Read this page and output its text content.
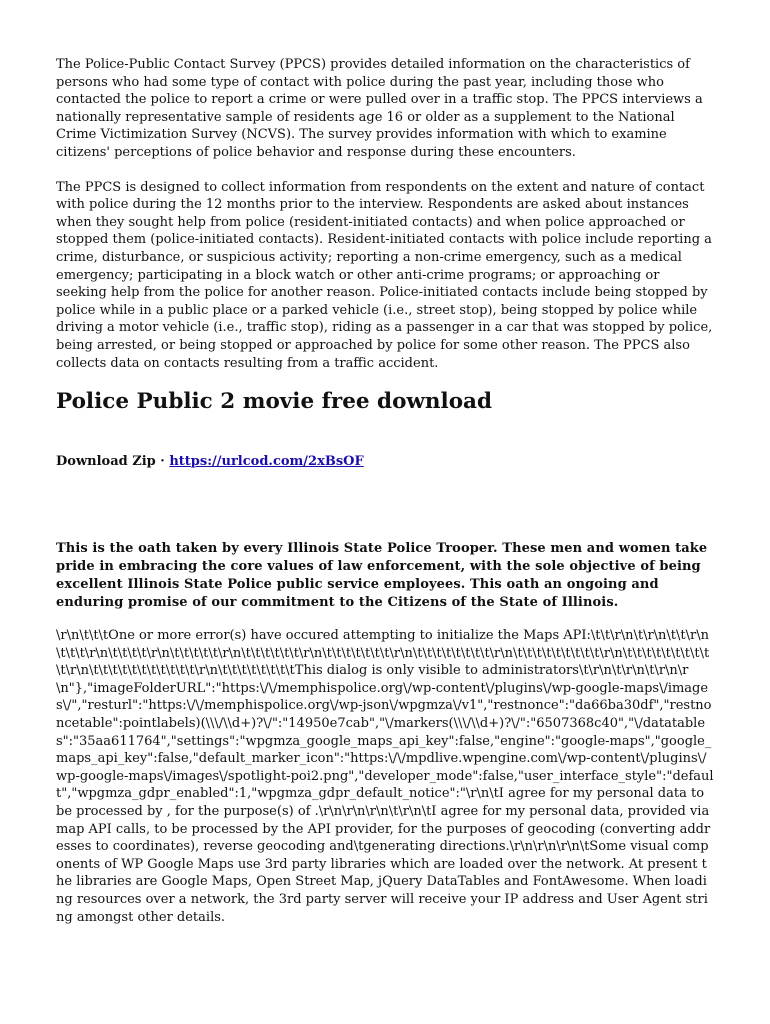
The Police-Public Contact Survey (PPCS) provides detailed information on the characteristics of persons who had some type of contact with police during the past year, including those who contacted the police to report a crime or were pulled over in a traffic stop. The PPCS interviews a nationally representative sample of residents age 16 or older as a supplement to the National Crime Victimization Survey (NCVS). The survey provides information with which to examine citizens' perceptions of police behavior and response during these encounters.

The PPCS is designed to collect information from respondents on the extent and nature of contact with police during the 12 months prior to the interview. Respondents are asked about instances when they sought help from police (resident-initiated contacts) and when police approached or stopped them (police-initiated contacts). Resident-initiated contacts with police include reporting a crime, disturbance, or suspicious activity; reporting a non-crime emergency, such as a medical emergency; participating in a block watch or other anti-crime programs; or approaching or seeking help from the police for another reason. Police-initiated contacts include being stopped by police while in a public place or a parked vehicle (i.e., street stop), being stopped by police while driving a motor vehicle (i.e., traffic stop), riding as a passenger in a car that was stopped by police, being arrested, or being stopped or approached by police for some other reason. The PPCS also collects data on contacts resulting from a traffic accident.

Police Public 2 movie free download
Download Zip · https://urlcod.com/2xBsOF

This is the oath taken by every Illinois State Police Trooper. These men and women take pride in embracing the core values of law enforcement, with the sole objective of being excellent Illinois State Police public service employees. This oath an ongoing and enduring promise of our commitment to the Citizens of the State of Illinois.

\r\n\t\t\tOne or more error(s) have occured attempting to initialize the Maps API:\t\t\r\n\t\r\n\t\t\r\n\t\t\t\r\n\t\t\t\t\r\n\t\t\t\t\t\r\n\t\t\t\t\t\t\r\n\t\t\t\t\t\t\t\r\n\t\t\t\t\t\t\t\t\r\n\t\t\t\t\t\t\t\t\t\r\n\t\t\t\t\t\t\t\t\t\t\r\n\t\t\t\t\t\t\t\t\t\t\t\r\n\t\t\t\t\t\t\t\tThis dialog is only visible to administrators\t\r\n\t\r\n\t\r\n\r\n"},"imageFolderURL":"https:\/\/memphispolice.org\/wp-content\/plugins\/wp-google-maps\/images\/","resturl":"https:\/\/memphispolice.org\/wp-json\/wpgmza\/v1","restnonce":"da66ba30df","restnoncetable":pointlabels)(\\\/\\d+)?\/":"14950e7cab","\/markers(\\\/\\d+)?\/":"6507368c40","\/datatables":"35aa611764","settings":"wpgmza_google_maps_api_key":false,"engine":"google-maps","google_maps_api_key":false,"default_marker_icon":"https:\/\/mpdlive.wpengine.com\/wp-content\/plugins\/wp-google-maps\/images\/spotlight-poi2.png","developer_mode":false,"user_interface_style":"default","wpgmza_gdpr_enabled":1,"wpgmza_gdpr_default_notice":"\r\n\tI agree for my personal data to be processed by , for the purpose(s) of .\r\n\r\n\r\n\t\r\n\tI agree for my personal data, provided via map API calls, to be processed by the API provider, for the purposes of geocoding (converting addresses to coordinates), reverse geocoding and\tgenerating directions.\r\n\r\n\r\n\tSome visual components of WP Google Maps use 3rd party libraries which are loaded over the network. At present the libraries are Google Maps, Open Street Map, jQuery DataTables and FontAwesome. When loading resources over a network, the 3rd party server will receive your IP address and User Agent string amongst other details.
